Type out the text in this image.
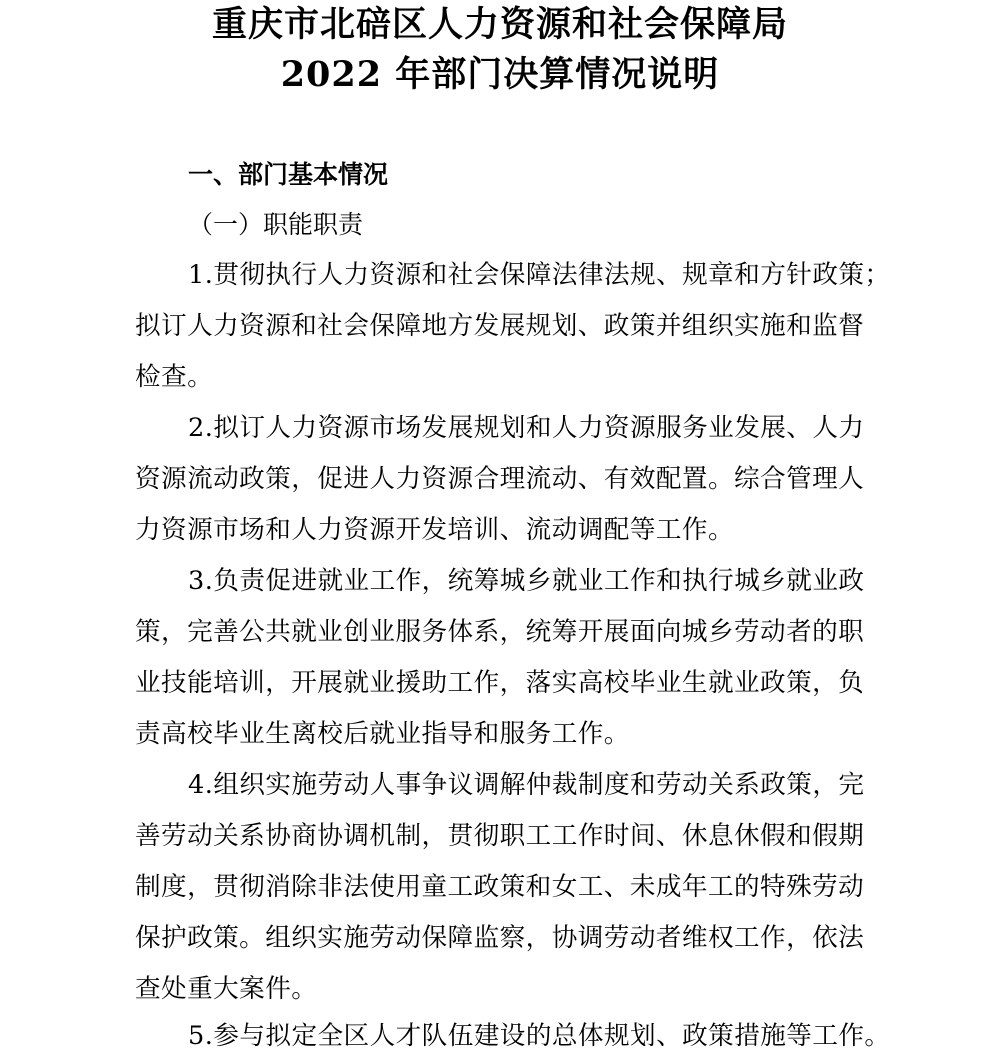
重庆市北碚区人力资源和社会保障局
2022 年部门决算情况说明
一、部门基本情况
（一）职能职责
1.贯彻执行人力资源和社会保障法律法规、规章和方针政策；
拟订人力资源和社会保障地方发展规划、政策并组织实施和监督
检查。
2.拟订人力资源市场发展规划和人力资源服务业发展、人力
资源流动政策，促进人力资源合理流动、有效配置。综合管理人
力资源市场和人力资源开发培训、流动调配等工作。
3.负责促进就业工作，统筹城乡就业工作和执行城乡就业政
策，完善公共就业创业服务体系，统筹开展面向城乡劳动者的职
业技能培训，开展就业援助工作，落实高校毕业生就业政策，负
责高校毕业生离校后就业指导和服务工作。
4.组织实施劳动人事争议调解仲裁制度和劳动关系政策，完
善劳动关系协商协调机制，贯彻职工工作时间、休息休假和假期
制度，贯彻消除非法使用童工政策和女工、未成年工的特殊劳动
保护政策。组织实施劳动保障监察，协调劳动者维权工作，依法
查处重大案件。
5.参与拟定全区人才队伍建设的总体规划、政策措施等工作。
